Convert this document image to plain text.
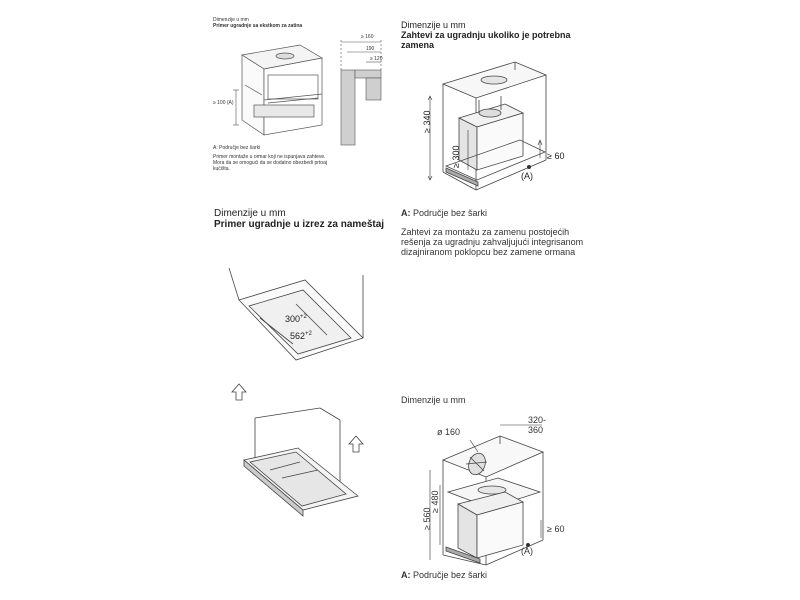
Dimenzije u mm
Primer ugradnje sa ekstkom za zatina
≥ 100 (A)
≥ 160
190
≥ 120
A: Područje bez šarki
Primer montaže u ormar koji ne ispunjava zahteve.
Mora da se omogući da se dodatno obezbedi prtoaj
kućišta.
Dimenzije u mm
Zahtevi za ugradnju ukoliko je potrebna
zamena
≥ 340
≥ 300	≥ 60
(A)
A: Područje bez šarki
Zahtevi za montažu za zamenu postojećih
rešenja za ugradnju zahvaljujući integrisanom
dizajniranom poklopcu bez zamene ormana
Dimenzije u mm
Primer ugradnje u izrez za nameštaj
$300^{+2}$
$562^{+2}$
Dimenzije u mm
320-
360
ø 160
≥ 560
≥ 480
≥ 60
(A)
A: Područje bez šarki
